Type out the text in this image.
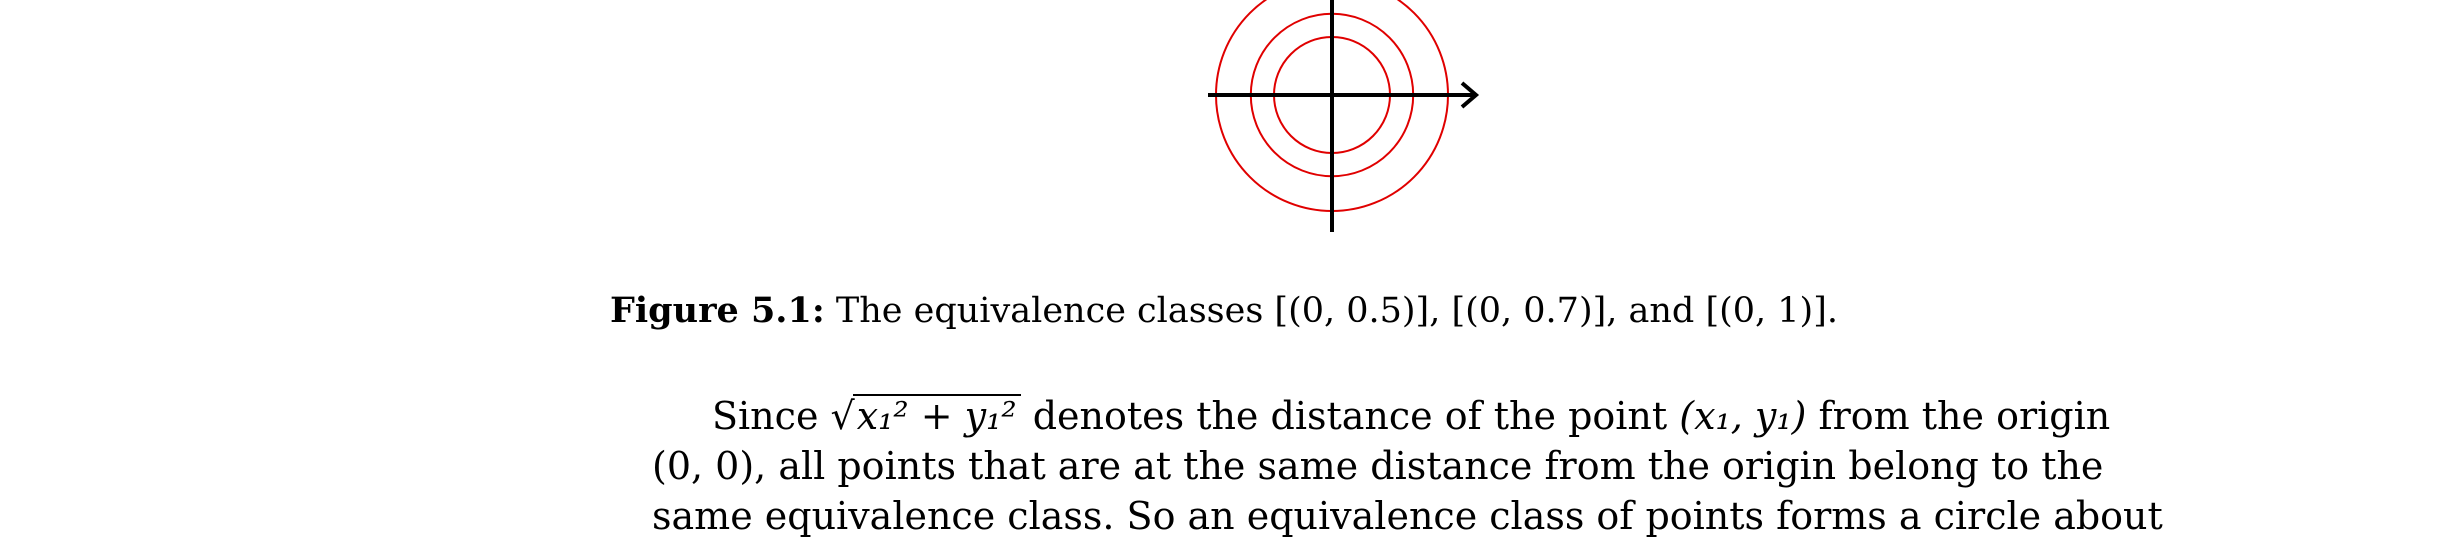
Figure 5.1: The equivalence classes [(0, 0.5)], [(0, 0.7)], and [(0, 1)].
Since √x₁² + y₁² denotes the distance of the point (x₁, y₁) from the origin
(0, 0), all points that are at the same distance from the origin belong to the
same equivalence class. So an equivalence class of points forms a circle about
